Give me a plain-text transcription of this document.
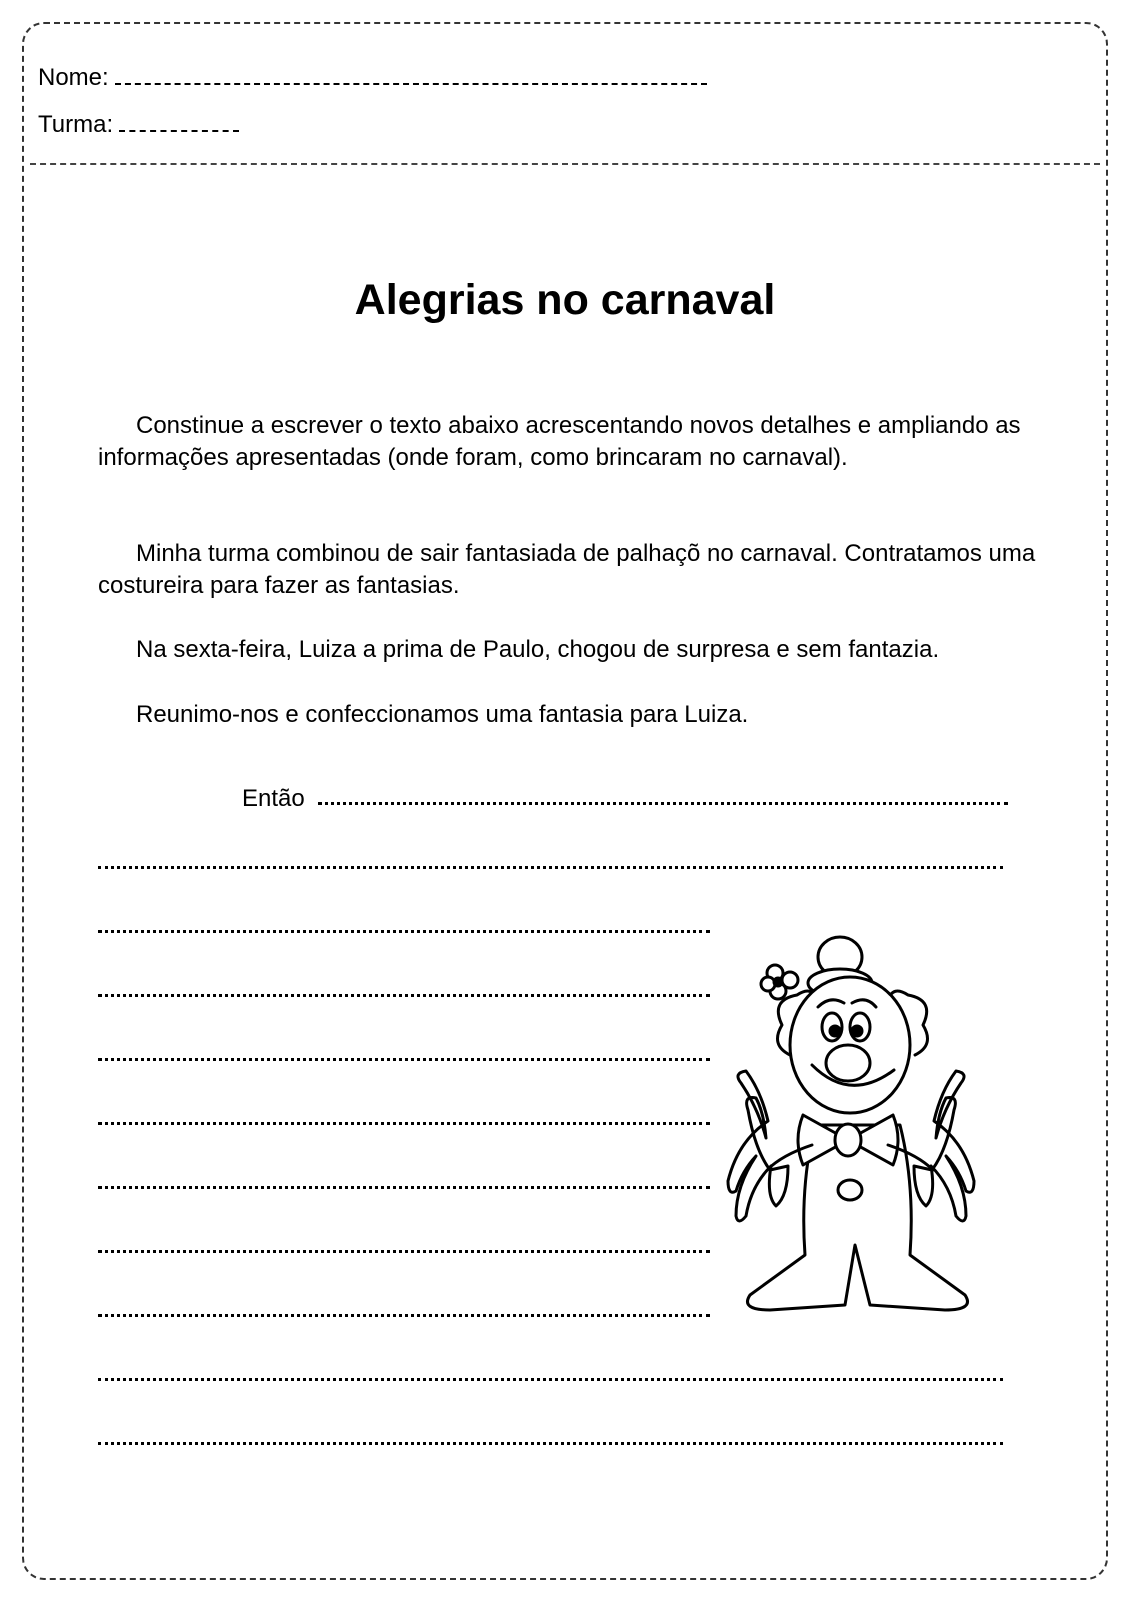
Nome:
Turma:
Alegrias no carnaval
Constinue a escrever o texto abaixo acrescentando novos detalhes e ampliando as informações apresentadas (onde foram, como brincaram no carnaval).
Minha turma combinou de sair fantasiada de palhaçõ no carnaval. Contratamos uma costureira para fazer as fantasias.
Na sexta-feira, Luiza a prima de Paulo, chogou de surpresa e sem fantazia.
Reunimo-nos e confeccionamos uma fantasia para Luiza.
Então
